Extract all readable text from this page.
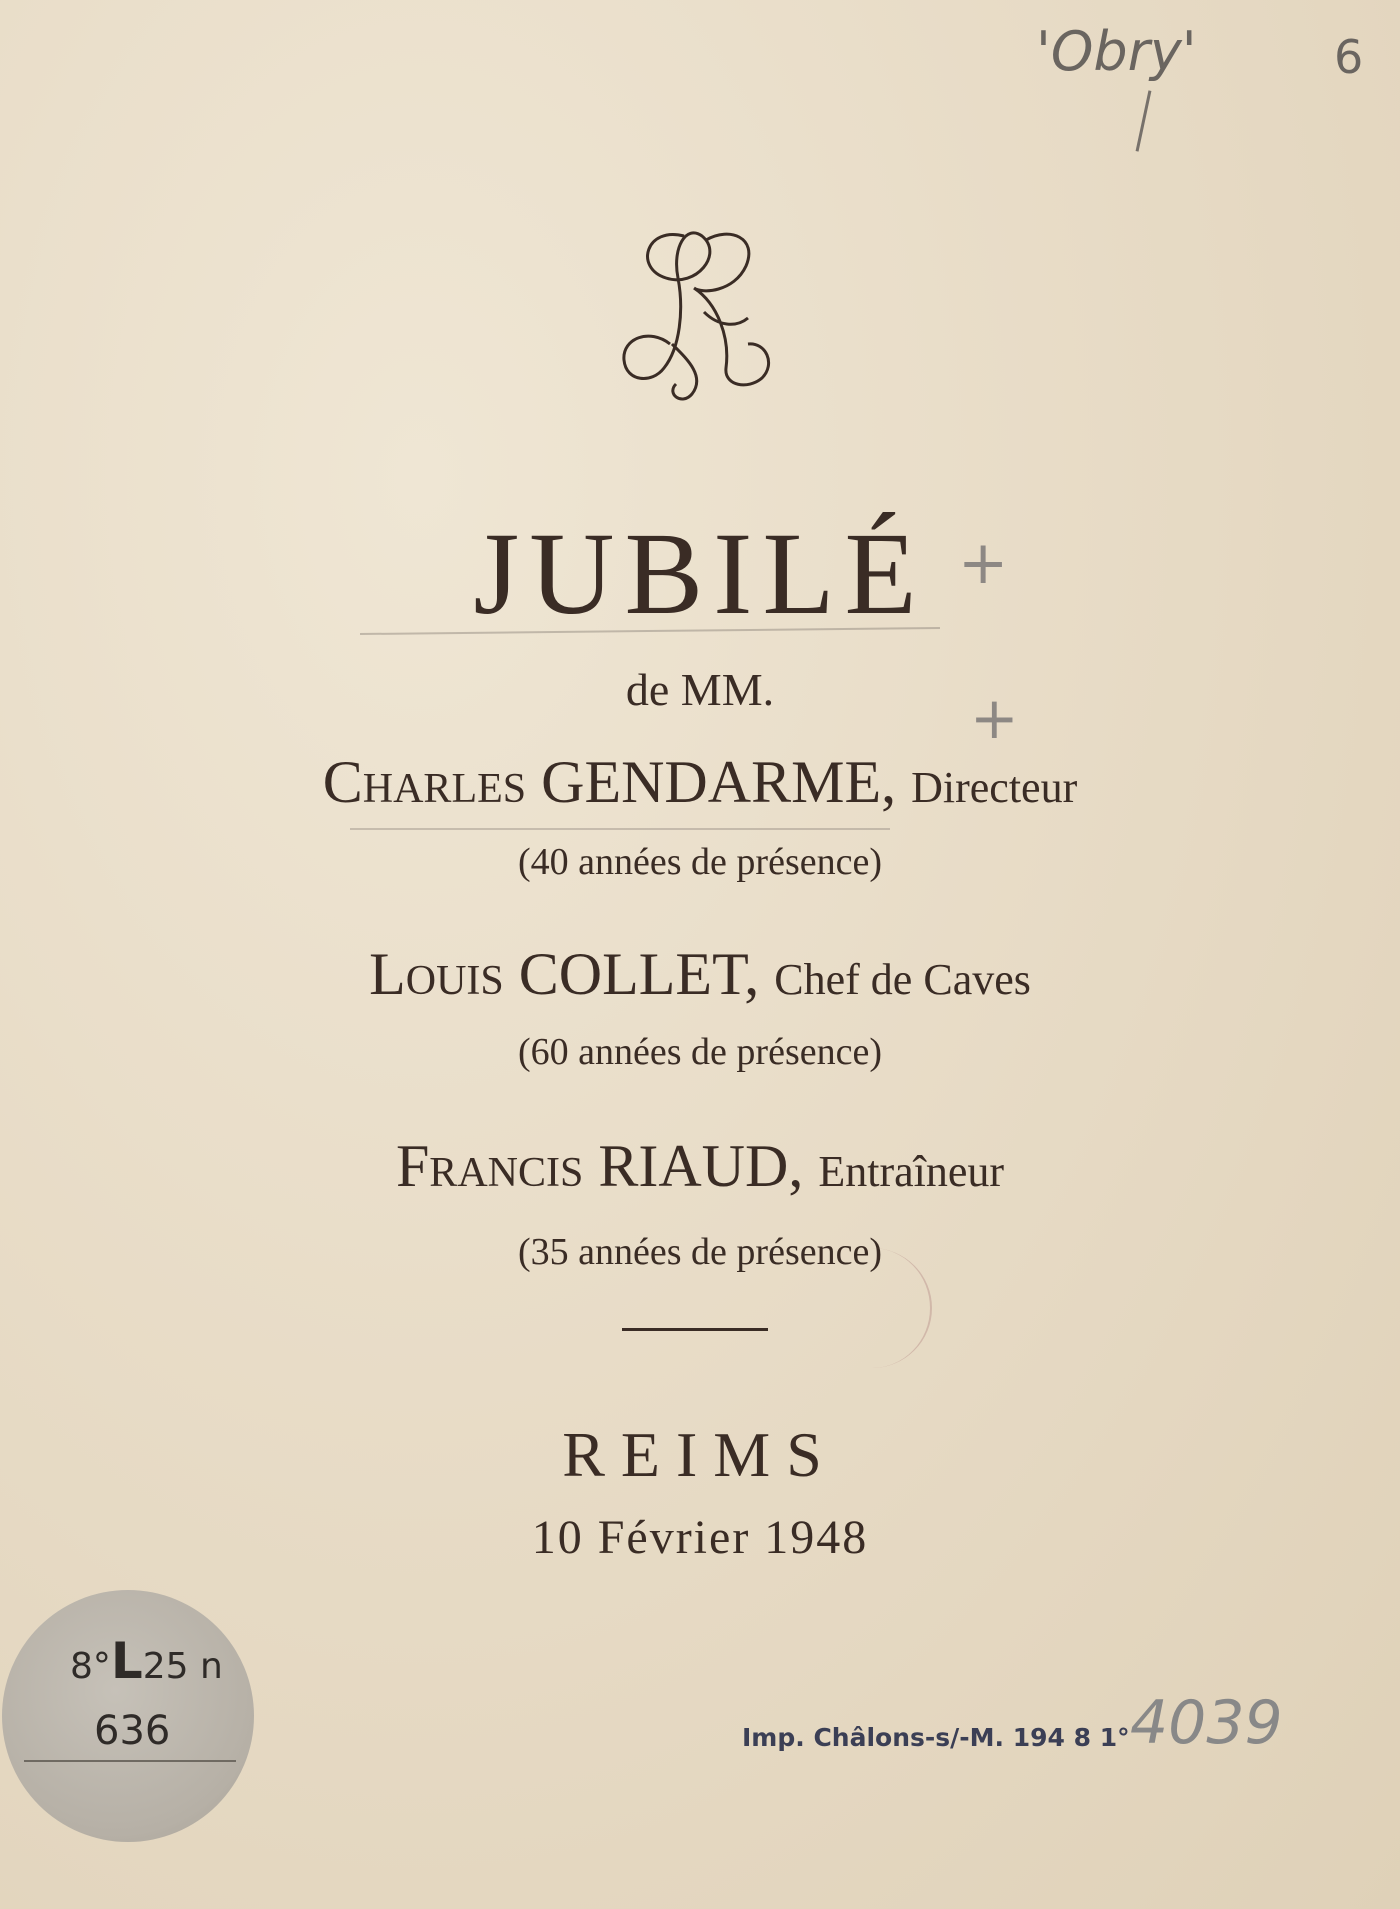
'Obry'	6
JUBILÉ +
de MM.	+
Charles GENDARME, Directeur
(40 années de présence)
Louis COLLET, Chef de Caves
(60 années de présence)
Francis RIAUD, Entraîneur
(35 années de présence)
REIMS
10 Février 1948
8°L25 n
636	Imp. Châlons-s/-M. 194 8 1° 4039
